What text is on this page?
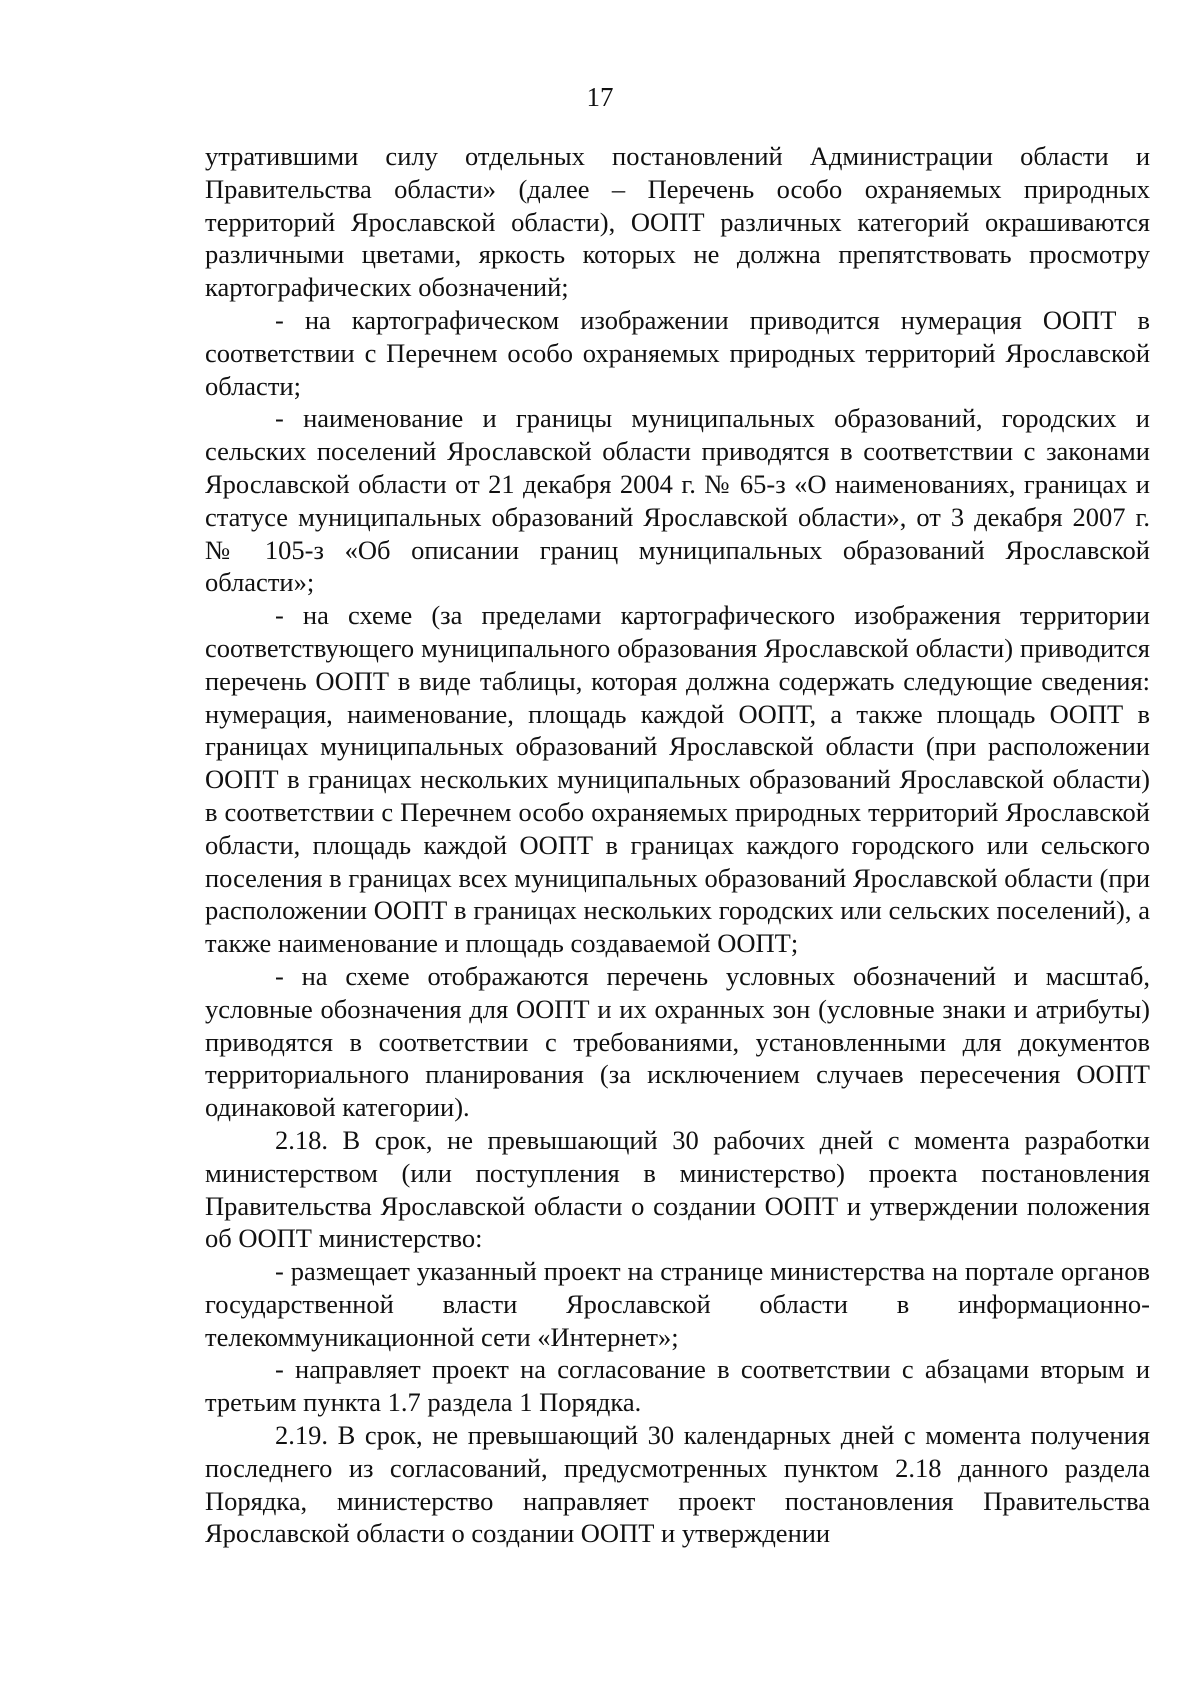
17

утратившими силу отдельных постановлений Администрации области и Правительства области» (далее – Перечень особо охраняемых природных территорий Ярославской области), ООПТ различных категорий окрашиваются различными цветами, яркость которых не должна препятствовать просмотру картографических обозначений;

- на картографическом изображении приводится нумерация ООПТ в соответствии с Перечнем особо охраняемых природных территорий Ярославской области;

- наименование и границы муниципальных образований, городских и сельских поселений Ярославской области приводятся в соответствии с законами Ярославской области от 21 декабря 2004 г. № 65-з «О наименованиях, границах и статусе муниципальных образований Ярославской области», от 3 декабря 2007 г. № 105-з «Об описании границ муниципальных образований Ярославской области»;

- на схеме (за пределами картографического изображения территории соответствующего муниципального образования Ярославской области) приводится перечень ООПТ в виде таблицы, которая должна содержать следующие сведения: нумерация, наименование, площадь каждой ООПТ, а также площадь ООПТ в границах муниципальных образований Ярославской области (при расположении ООПТ в границах нескольких муниципальных образований Ярославской области) в соответствии с Перечнем особо охраняемых природных территорий Ярославской области, площадь каждой ООПТ в границах каждого городского или сельского поселения в границах всех муниципальных образований Ярославской области (при расположении ООПТ в границах нескольких городских или сельских поселений), а также наименование и площадь создаваемой ООПТ;

- на схеме отображаются перечень условных обозначений и масштаб, условные обозначения для ООПТ и их охранных зон (условные знаки и атрибуты) приводятся в соответствии с требованиями, установленными для документов территориального планирования (за исключением случаев пересечения ООПТ одинаковой категории).

2.18. В срок, не превышающий 30 рабочих дней с момента разработки министерством (или поступления в министерство) проекта постановления Правительства Ярославской области о создании ООПТ и утверждении положения об ООПТ министерство:

- размещает указанный проект на странице министерства на портале органов государственной власти Ярославской области в информационно-телекоммуникационной сети «Интернет»;

- направляет проект на согласование в соответствии с абзацами вторым и третьим пункта 1.7 раздела 1 Порядка.

2.19. В срок, не превышающий 30 календарных дней с момента получения последнего из согласований, предусмотренных пунктом 2.18 данного раздела Порядка, министерство направляет проект постановления Правительства Ярославской области о создании ООПТ и утверждении
